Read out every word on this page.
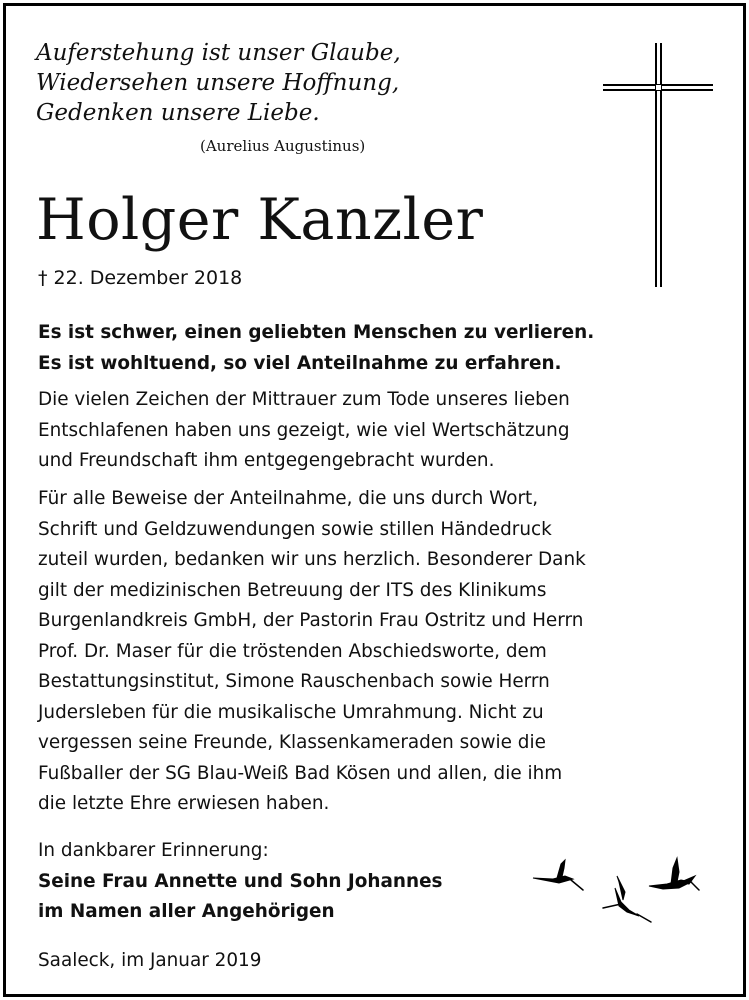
Auferstehung ist unser Glaube,
Wiedersehen unsere Hoffnung,
Gedenken unsere Liebe.
(Aurelius Augustinus)
Holger Kanzler
† 22. Dezember 2018
Es ist schwer, einen geliebten Menschen zu verlieren.
Es ist wohltuend, so viel Anteilnahme zu erfahren.
Die vielen Zeichen der Mittrauer zum Tode unseres lieben
Entschlafenen haben uns gezeigt, wie viel Wertschätzung
und Freundschaft ihm entgegengebracht wurden.
Für alle Beweise der Anteilnahme, die uns durch Wort,
Schrift und Geldzuwendungen sowie stillen Händedruck
zuteil wurden, bedanken wir uns herzlich. Besonderer Dank
gilt der medizinischen Betreuung der ITS des Klinikums
Burgenlandkreis GmbH, der Pastorin Frau Ostritz und Herrn
Prof. Dr. Maser für die tröstenden Abschiedsworte, dem
Bestattungsinstitut, Simone Rauschenbach sowie Herrn
Judersleben für die musikalische Umrahmung. Nicht zu
vergessen seine Freunde, Klassenkameraden sowie die
Fußballer der SG Blau-Weiß Bad Kösen und allen, die ihm
die letzte Ehre erwiesen haben.
In dankbarer Erinnerung:
Seine Frau Annette und Sohn Johannes
im Namen aller Angehörigen
Saaleck, im Januar 2019
